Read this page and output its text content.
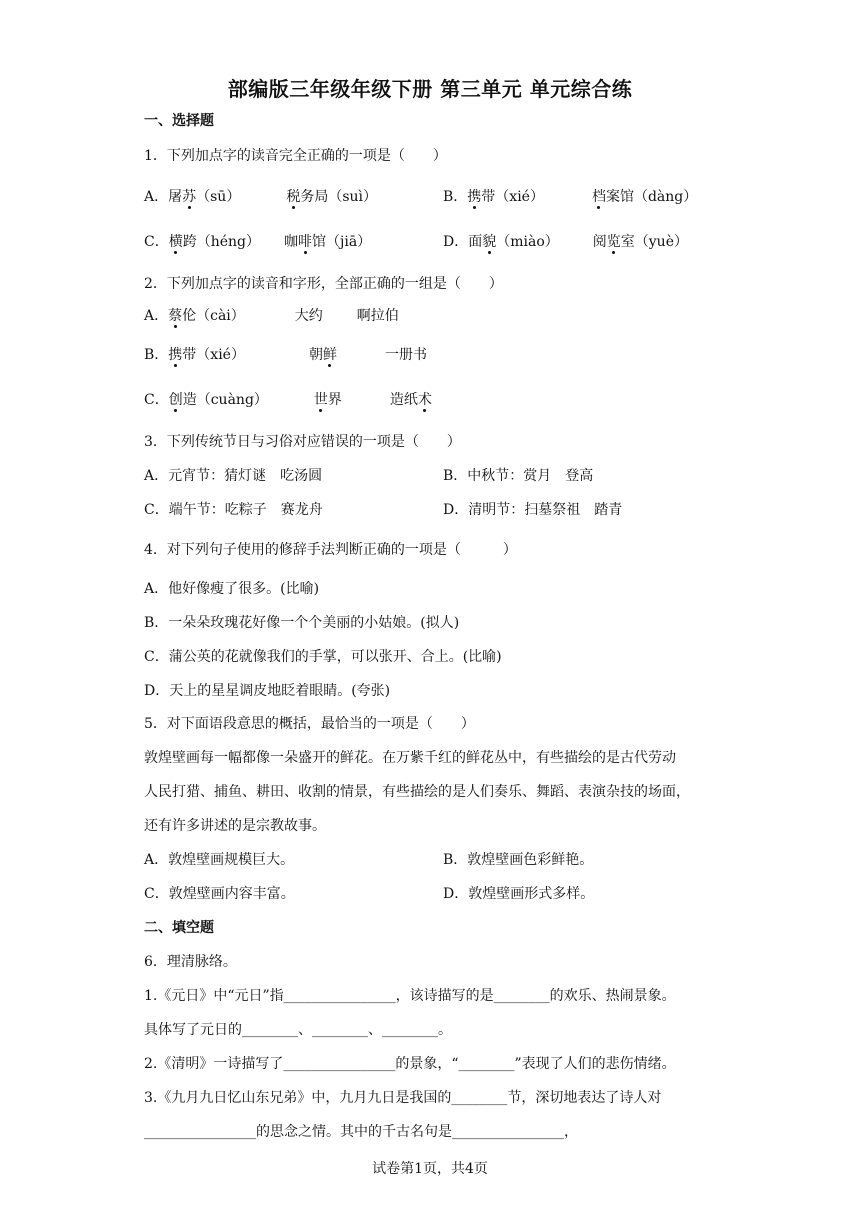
部编版三年级年级下册 第三单元 单元综合练
一、选择题
1．下列加点字的读音完全正确的一项是（　　）
A．屠苏（sū）	税务局（suì）	B．携带（xié）	档案馆（dàng）
C．横跨（héng） 咖啡馆（jiā）	D．面貌（miào） 阅览室（yuè）
2．下列加点字的读音和字形，全部正确的一组是（　　）
A．蔡伦（cài）	大约 啊拉伯
B．携带（xié）	朝鲜	一册书
C．创造（cuàng）	世界	造纸术
3．下列传统节日与习俗对应错误的一项是（　　）
A．元宵节：猜灯谜　吃汤圆	B．中秋节：赏月　登高
C．端午节：吃粽子　赛龙舟	D．清明节：扫墓祭祖　踏青
4．对下列句子使用的修辞手法判断正确的一项是（　　　）
A．他好像瘦了很多。(比喻)
B．一朵朵玫瑰花好像一个个美丽的小姑娘。(拟人)
C．蒲公英的花就像我们的手掌，可以张开、合上。(比喻)
D．天上的星星调皮地眨着眼睛。(夸张)
5．对下面语段意思的概括，最恰当的一项是（　　）
敦煌壁画每一幅都像一朵盛开的鲜花。在万紫千红的鲜花丛中，有些描绘的是古代劳动
人民打猎、捕鱼、耕田、收割的情景，有些描绘的是人们奏乐、舞蹈、表演杂技的场面，
还有许多讲述的是宗教故事。
A．敦煌壁画规模巨大。	B．敦煌壁画色彩鲜艳。
C．敦煌壁画内容丰富。	D．敦煌壁画形式多样。
二、填空题
6．理清脉络。
1.《元日》中“元日”指________________，该诗描写的是________的欢乐、热闹景象。
具体写了元日的________、________、________。
2.《清明》一诗描写了________________的景象，“________”表现了人们的悲伤情绪。
3.《九月九日忆山东兄弟》中，九月九日是我国的________节，深切地表达了诗人对
________________的思念之情。其中的千古名句是________________，
试卷第1页，共4页
